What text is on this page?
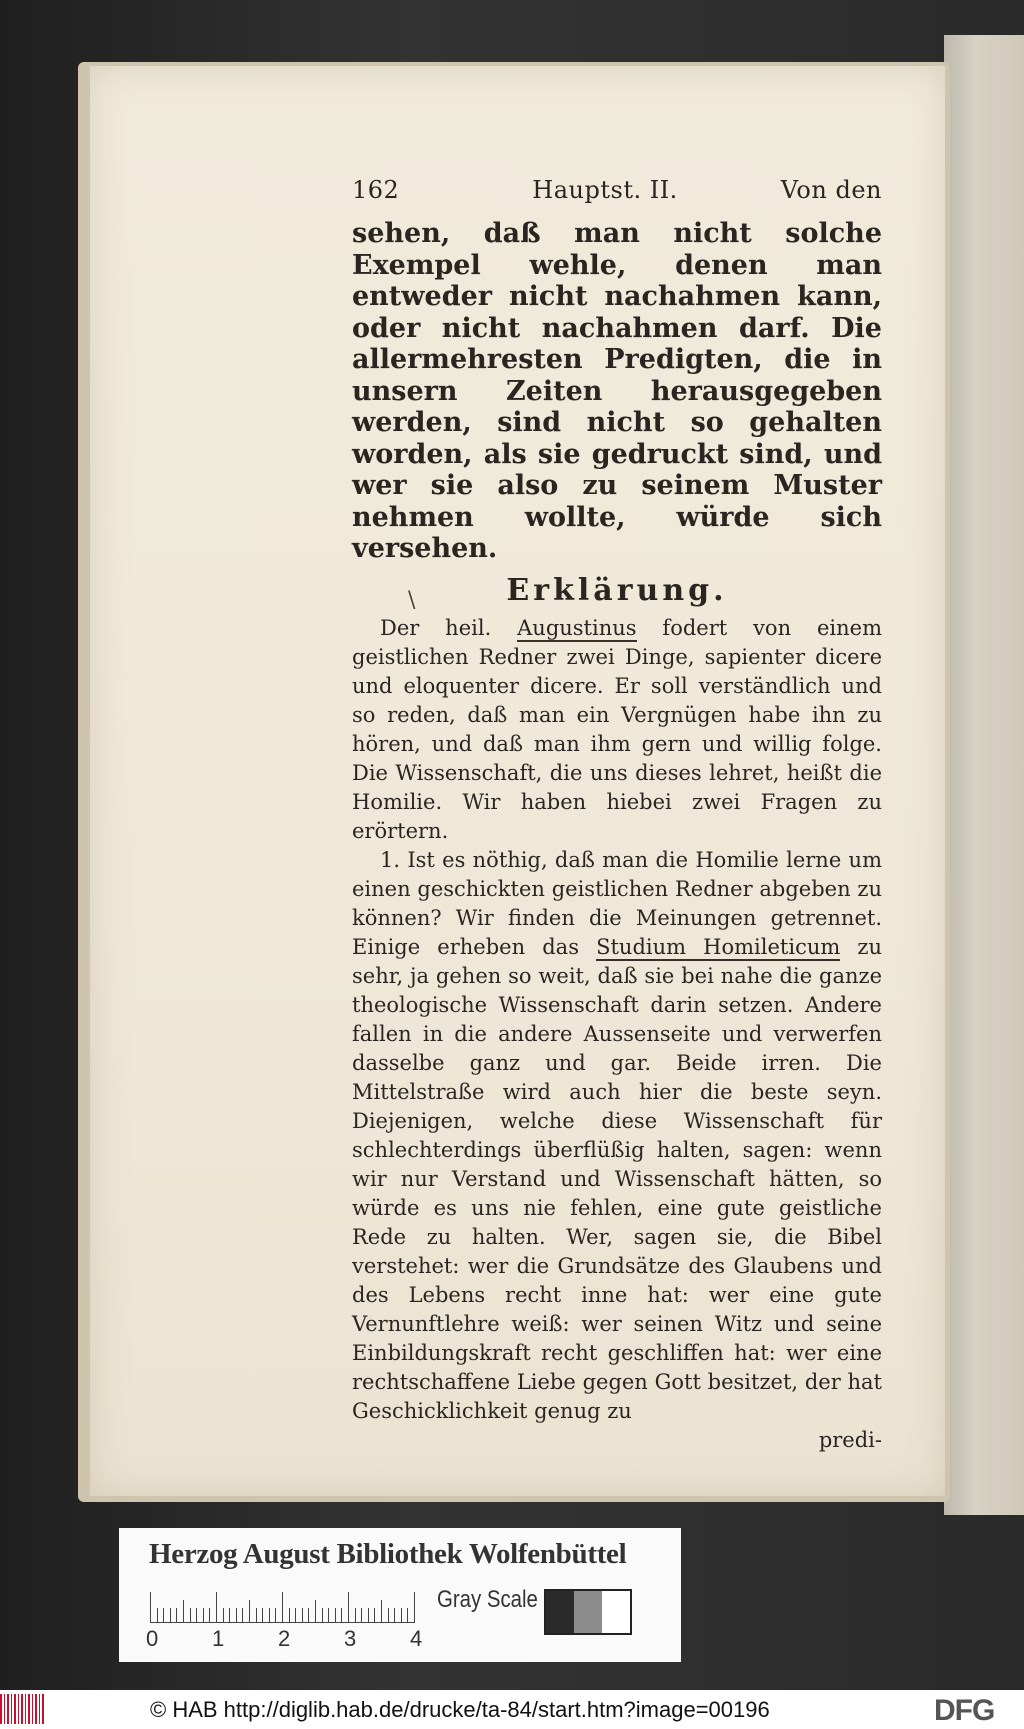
\
162	Hauptst. II.	Von den
sehen, daß man nicht solche Exempel wehle, denen man entweder nicht nachahmen kann, oder nicht nachahmen darf. Die allermehresten Predigten, die in unsern Zeiten herausgegeben werden, sind nicht so gehalten worden, als sie gedruckt sind, und wer sie also zu seinem Muster nehmen wollte, würde sich versehen.
Erklärung.

Der heil. Augustinus fodert von einem geistlichen Redner zwei Dinge, sapienter dicere und eloquenter dicere. Er soll verständlich und so reden, daß man ein Vergnügen habe ihn zu hören, und daß man ihm gern und willig folge. Die Wissenschaft, die uns dieses lehret, heißt die Homilie. Wir haben hiebei zwei Fragen zu erörtern.

1. Ist es nöthig, daß man die Homilie lerne um einen geschickten geistlichen Redner abgeben zu können? Wir finden die Meinungen getrennet. Einige erheben das Studium Homileticum zu sehr, ja gehen so weit, daß sie bei nahe die ganze theologische Wissenschaft darin setzen. Andere fallen in die andere Aussenseite und verwerfen dasselbe ganz und gar. Beide irren. Die Mittelstraße wird auch hier die beste seyn. Diejenigen, welche diese Wissenschaft für schlechterdings überflüßig halten, sagen: wenn wir nur Verstand und Wissenschaft hätten, so würde es uns nie fehlen, eine gute geistliche Rede zu halten. Wer, sagen sie, die Bibel verstehet: wer die Grundsätze des Glaubens und des Lebens recht inne hat: wer eine gute Vernunftlehre weiß: wer seinen Witz und seine Einbildungskraft recht geschliffen hat: wer eine rechtschaffene Liebe gegen Gott besitzet, der hat Geschicklichkeit genug zu

predi-
Herzog August Bibliothek Wolfenbüttel
0 1 2 3 4
Gray Scale
© HAB http://diglib.hab.de/drucke/ta-84/start.htm?image=00196	DFG
